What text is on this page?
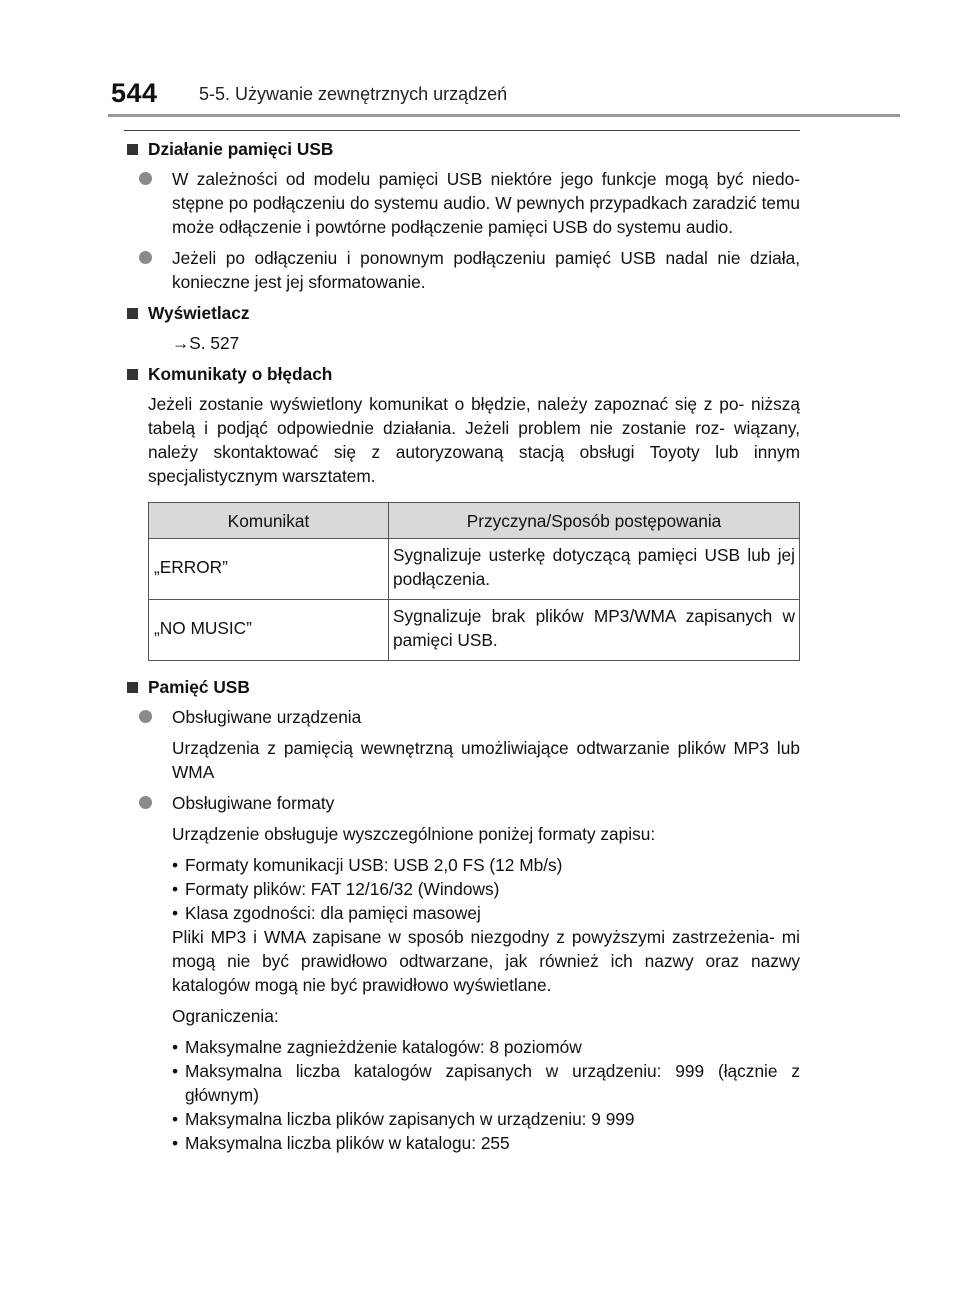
544 5-5. Używanie zewnętrznych urządzeń
Działanie pamięci USB
W zależności od modelu pamięci USB niektóre jego funkcje mogą być niedo- stępne po podłączeniu do systemu audio. W pewnych przypadkach zaradzić temu może odłączenie i powtórne podłączenie pamięci USB do systemu audio.
Jeżeli po odłączeniu i ponownym podłączeniu pamięć USB nadal nie działa, konieczne jest jej sformatowanie.
Wyświetlacz
→S. 527
Komunikaty o błędach
Jeżeli zostanie wyświetlony komunikat o błędzie, należy zapoznać się z po- niższą tabelą i podjąć odpowiednie działania. Jeżeli problem nie zostanie roz- wiązany, należy skontaktować się z autoryzowaną stacją obsługi Toyoty lub innym specjalistycznym warsztatem.
Komunikat	Przyczyna/Sposób postępowania
„ERROR”	Sygnalizuje usterkę dotyczącą pamięci USB lub jej podłączenia.
„NO MUSIC”	Sygnalizuje brak plików MP3/WMA zapisanych w pamięci USB.
Pamięć USB
Obsługiwane urządzenia
Urządzenia z pamięcią wewnętrzną umożliwiające odtwarzanie plików MP3 lub WMA
Obsługiwane formaty
Urządzenie obsługuje wyszczególnione poniżej formaty zapisu:
• Formaty komunikacji USB: USB 2,0 FS (12 Mb/s)
• Formaty plików: FAT 12/16/32 (Windows)
• Klasa zgodności: dla pamięci masowej
Pliki MP3 i WMA zapisane w sposób niezgodny z powyższymi zastrzeżenia- mi mogą nie być prawidłowo odtwarzane, jak również ich nazwy oraz nazwy katalogów mogą nie być prawidłowo wyświetlane.
Ograniczenia:
• Maksymalne zagnieżdżenie katalogów: 8 poziomów
• Maksymalna liczba katalogów zapisanych w urządzeniu: 999 (łącznie z głównym)
• Maksymalna liczba plików zapisanych w urządzeniu: 9 999
• Maksymalna liczba plików w katalogu: 255
